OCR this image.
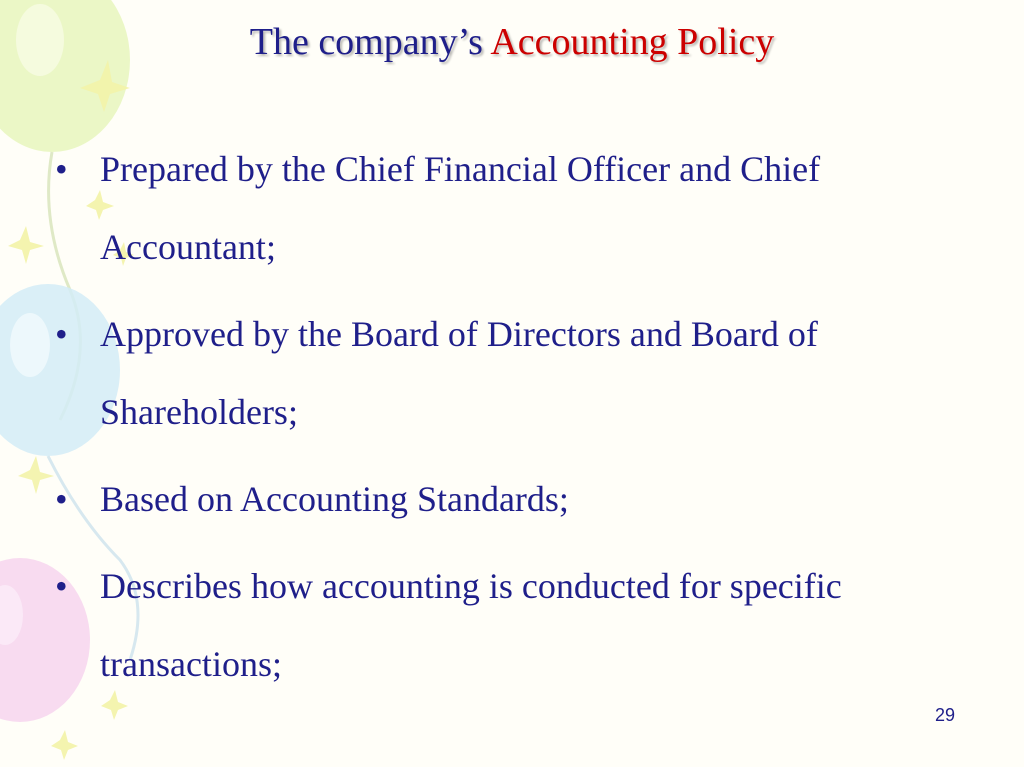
The company’s Accounting Policy
• Prepared by the Chief Financial Officer and Chief Accountant;
• Approved by the Board of Directors and Board of Shareholders;
• Based on Accounting Standards;
• Describes how accounting is conducted for specific transactions;
29
